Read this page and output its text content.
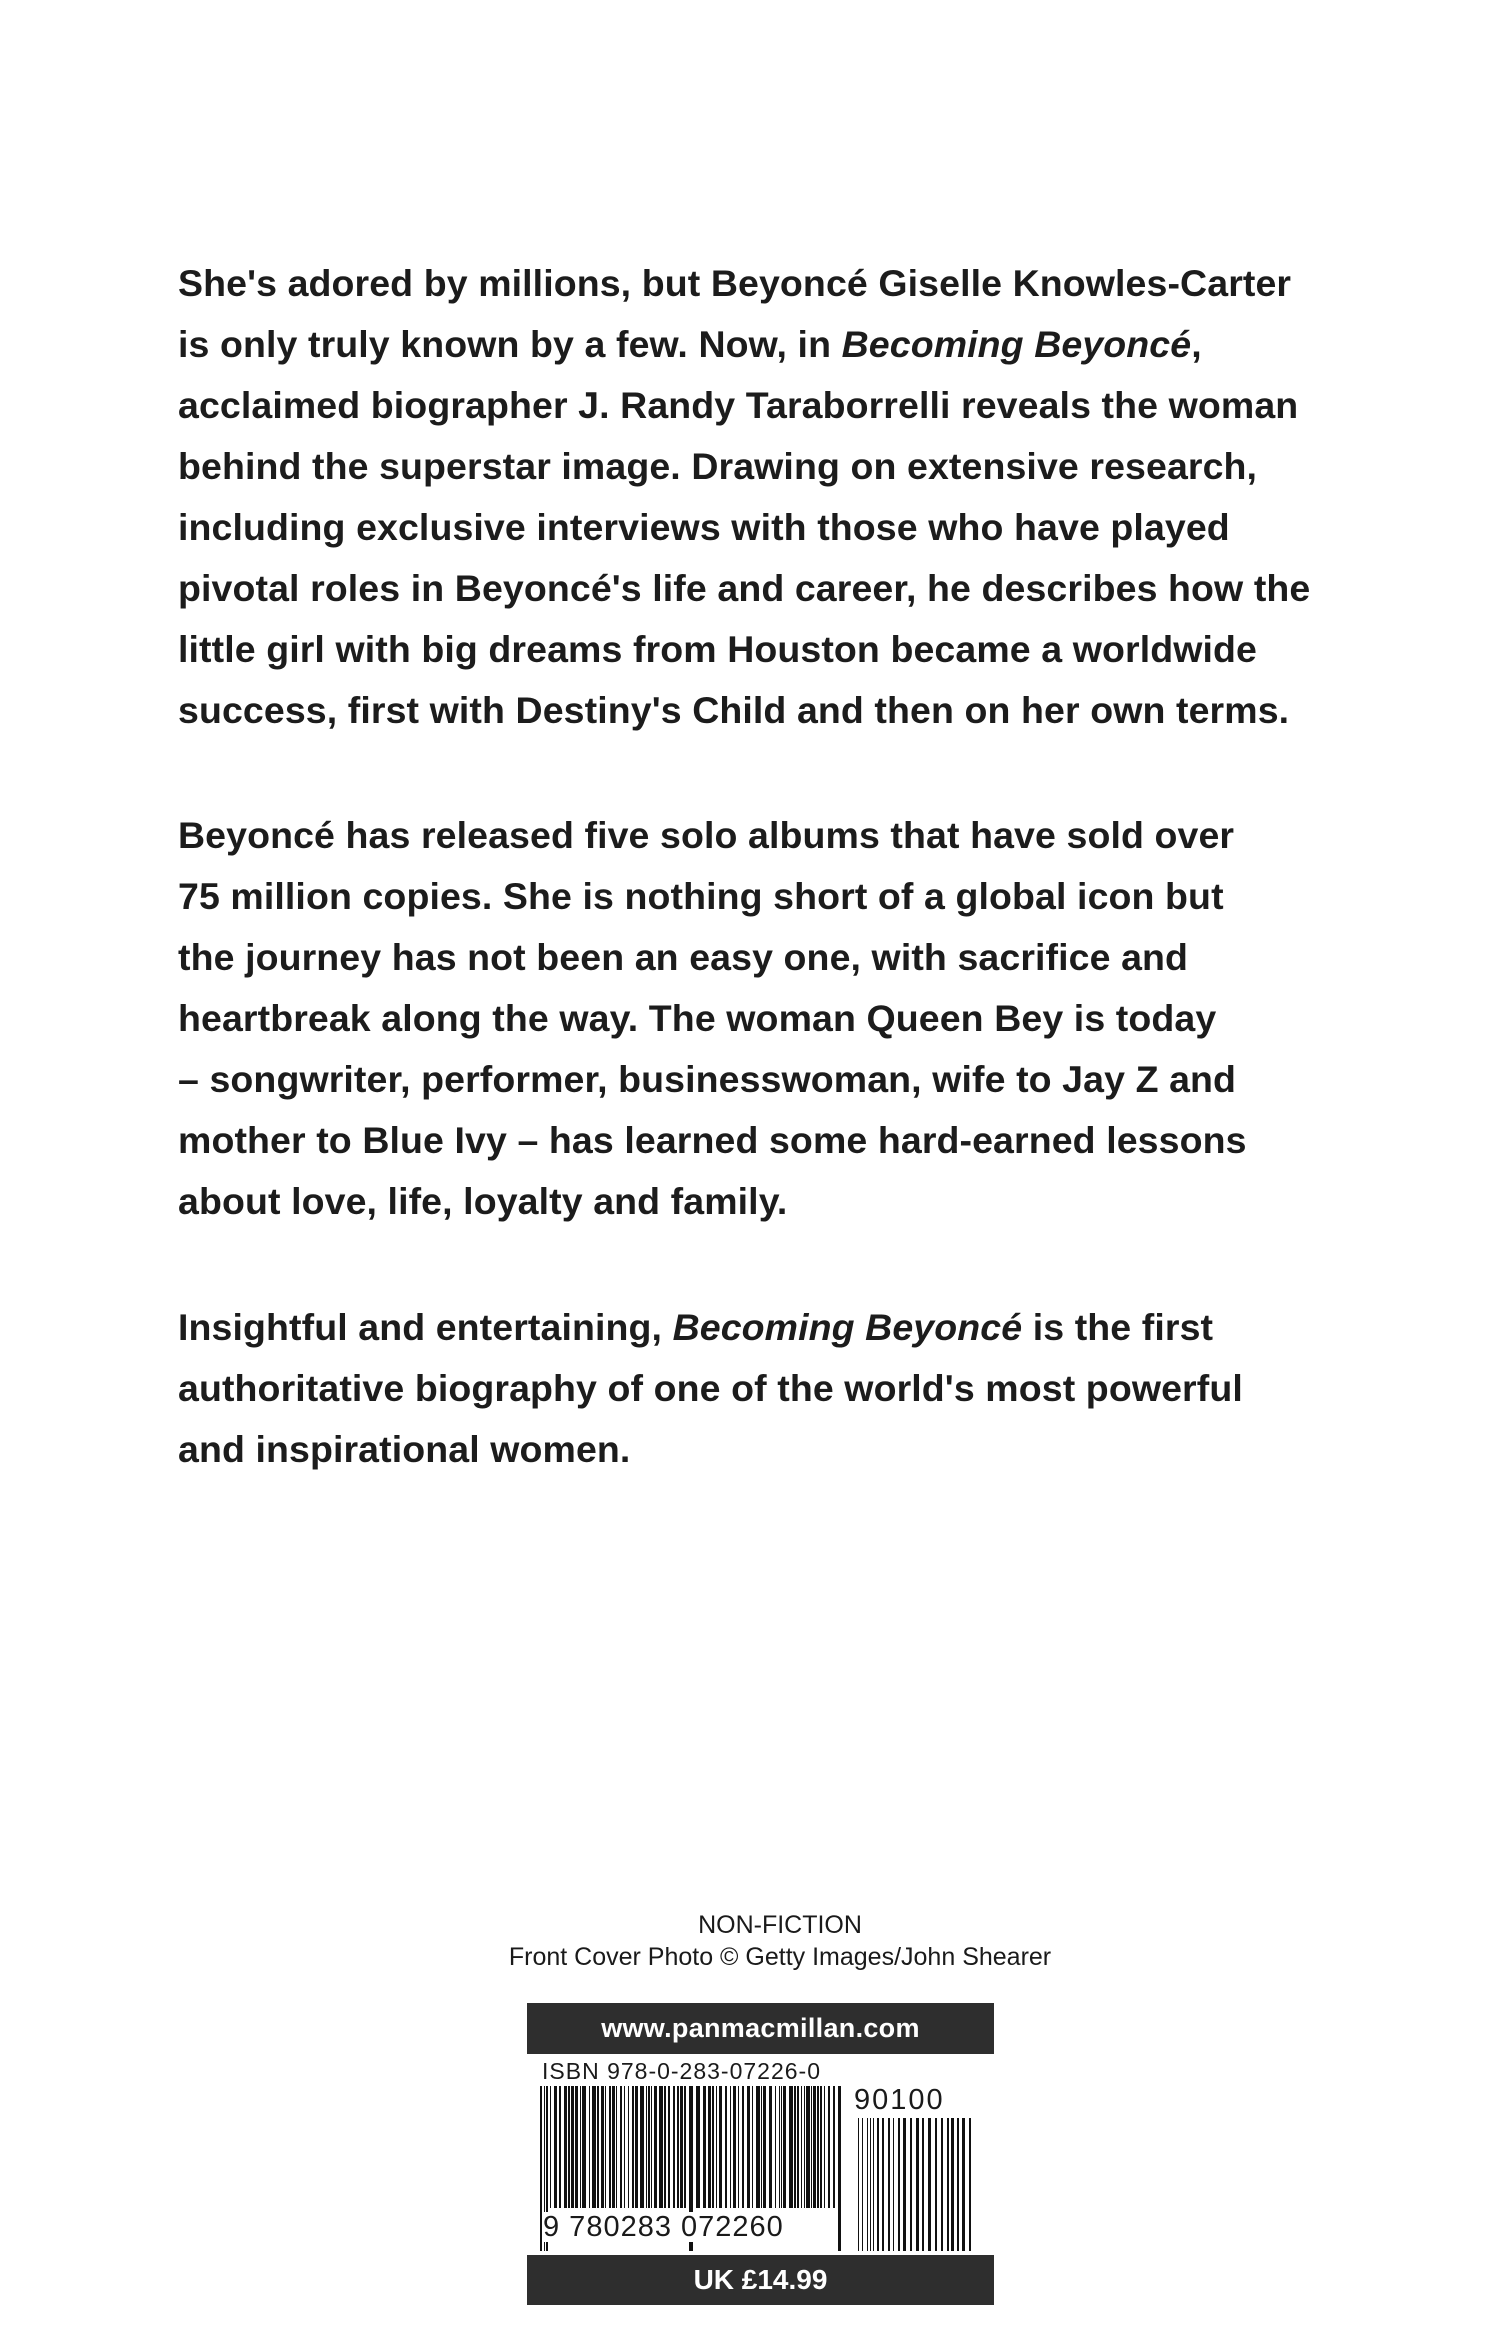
She's adored by millions, but Beyoncé Giselle Knowles-Carter
is only truly known by a few. Now, in Becoming Beyoncé,
acclaimed biographer J. Randy Taraborrelli reveals the woman
behind the superstar image. Drawing on extensive research,
including exclusive interviews with those who have played
pivotal roles in Beyoncé's life and career, he describes how the
little girl with big dreams from Houston became a worldwide
success, first with Destiny's Child and then on her own terms.
Beyoncé has released five solo albums that have sold over
75 million copies. She is nothing short of a global icon but
the journey has not been an easy one, with sacrifice and
heartbreak along the way. The woman Queen Bey is today
– songwriter, performer, businesswoman, wife to Jay Z and
mother to Blue Ivy – has learned some hard-earned lessons
about love, life, loyalty and family.
Insightful and entertaining, Becoming Beyoncé is the first
authoritative biography of one of the world's most powerful
and inspirational women.
NON-FICTION
Front Cover Photo © Getty Images/John Shearer
www.panmacmillan.com
ISBN 978-0-283-07226-0
90100
9 780283 072260
UK £14.99
